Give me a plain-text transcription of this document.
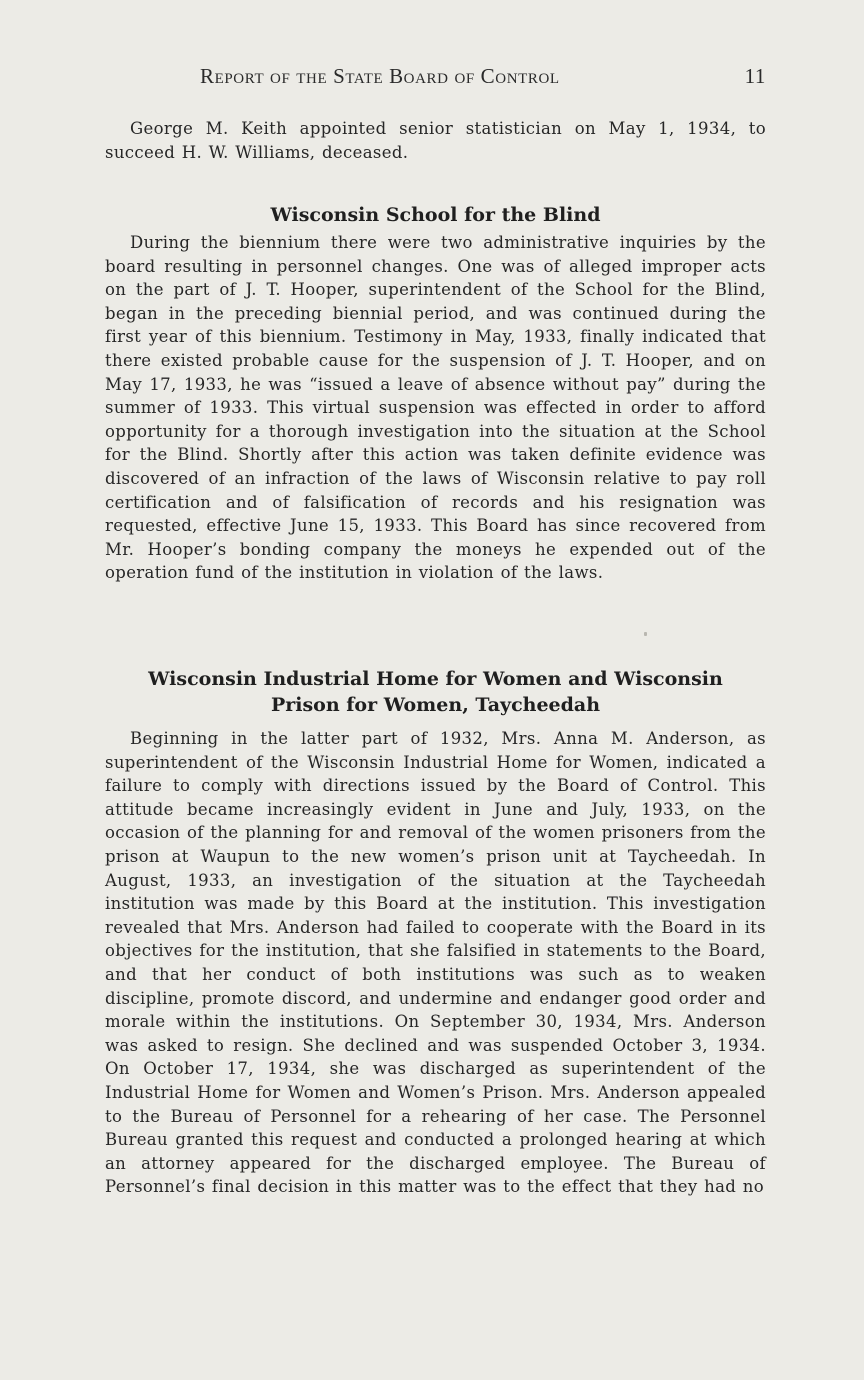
Report of the State Board of Control	11

George M. Keith appointed senior statistician on May 1, 1934, to succeed H. W. Williams, deceased.

Wisconsin School for the Blind

During the biennium there were two administrative inquiries by the board resulting in personnel changes. One was of alleged improper acts on the part of J. T. Hooper, superintendent of the School for the Blind, began in the preceding biennial period, and was continued during the first year of this biennium. Testimony in May, 1933, finally indicated that there existed probable cause for the suspension of J. T. Hooper, and on May 17, 1933, he was “issued a leave of absence without pay” during the summer of 1933. This virtual suspension was effected in order to afford opportunity for a thorough investigation into the situation at the School for the Blind. Shortly after this action was taken definite evidence was discovered of an infraction of the laws of Wisconsin relative to pay roll certification and of falsification of records and his resignation was requested, effective June 15, 1933. This Board has since recovered from Mr. Hooper’s bonding company the moneys he expended out of the operation fund of the institution in violation of the laws.

Wisconsin Industrial Home for Women and Wisconsin
Prison for Women, Taycheedah

Beginning in the latter part of 1932, Mrs. Anna M. Anderson, as superintendent of the Wisconsin Industrial Home for Women, indicated a failure to comply with directions issued by the Board of Control. This attitude became increasingly evident in June and July, 1933, on the occasion of the planning for and removal of the women prisoners from the prison at Waupun to the new women’s prison unit at Taycheedah. In August, 1933, an investigation of the situation at the Taycheedah institution was made by this Board at the institution. This investigation revealed that Mrs. Anderson had failed to cooperate with the Board in its objectives for the institution, that she falsified in statements to the Board, and that her conduct of both institutions was such as to weaken discipline, promote discord, and undermine and endanger good order and morale within the institutions. On September 30, 1934, Mrs. Anderson was asked to resign. She declined and was suspended October 3, 1934. On October 17, 1934, she was discharged as superintendent of the Industrial Home for Women and Women’s Prison. Mrs. Anderson appealed to the Bureau of Personnel for a rehearing of her case. The Personnel Bureau granted this request and conducted a prolonged hearing at which an attorney appeared for the discharged employee. The Bureau of Personnel’s final decision in this matter was to the effect that they had no
